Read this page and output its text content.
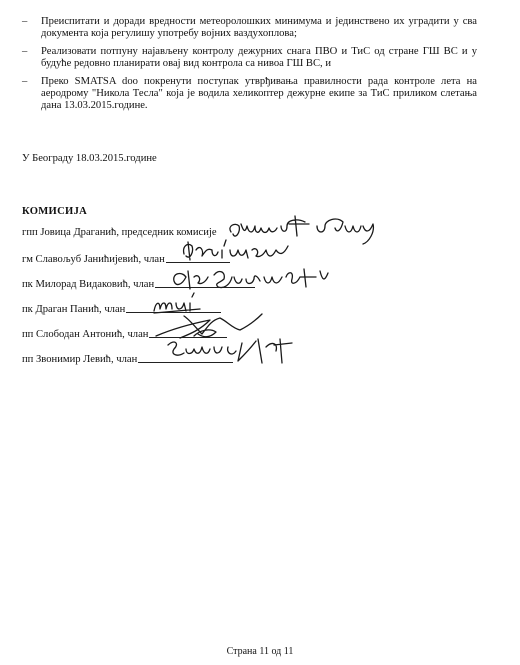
–	Преиспитати и доради вредности метеоролошких минимума и јединствено их уградити у сва документа која регулишу употребу војних ваздухоплова;
–	Реализовати потпуну најављену контролу дежурних снага ПВО и ТиС од стране ГШ ВС и у будуће редовно планирати овај вид контрола са нивоа ГШ ВС, и
–	Преко SMATSA doo покренути поступак утврђивања правилности рада контроле лета на аеродрому "Никола Тесла" која је водила хеликоптер дежурне екипе за ТиС приликом слетања дана 13.03.2015.године.
У Београду 18.03.2015.године
КОМИСИЈА
гпп Јовица Драганић, председник комисије
гм Славољуб Јанићијевић, члан
пк Милорад Видаковић, члан
пк Драган Панић, члан
пп Слободан Антонић, члан
пп Звонимир Левић, члан
Страна 11 од 11
